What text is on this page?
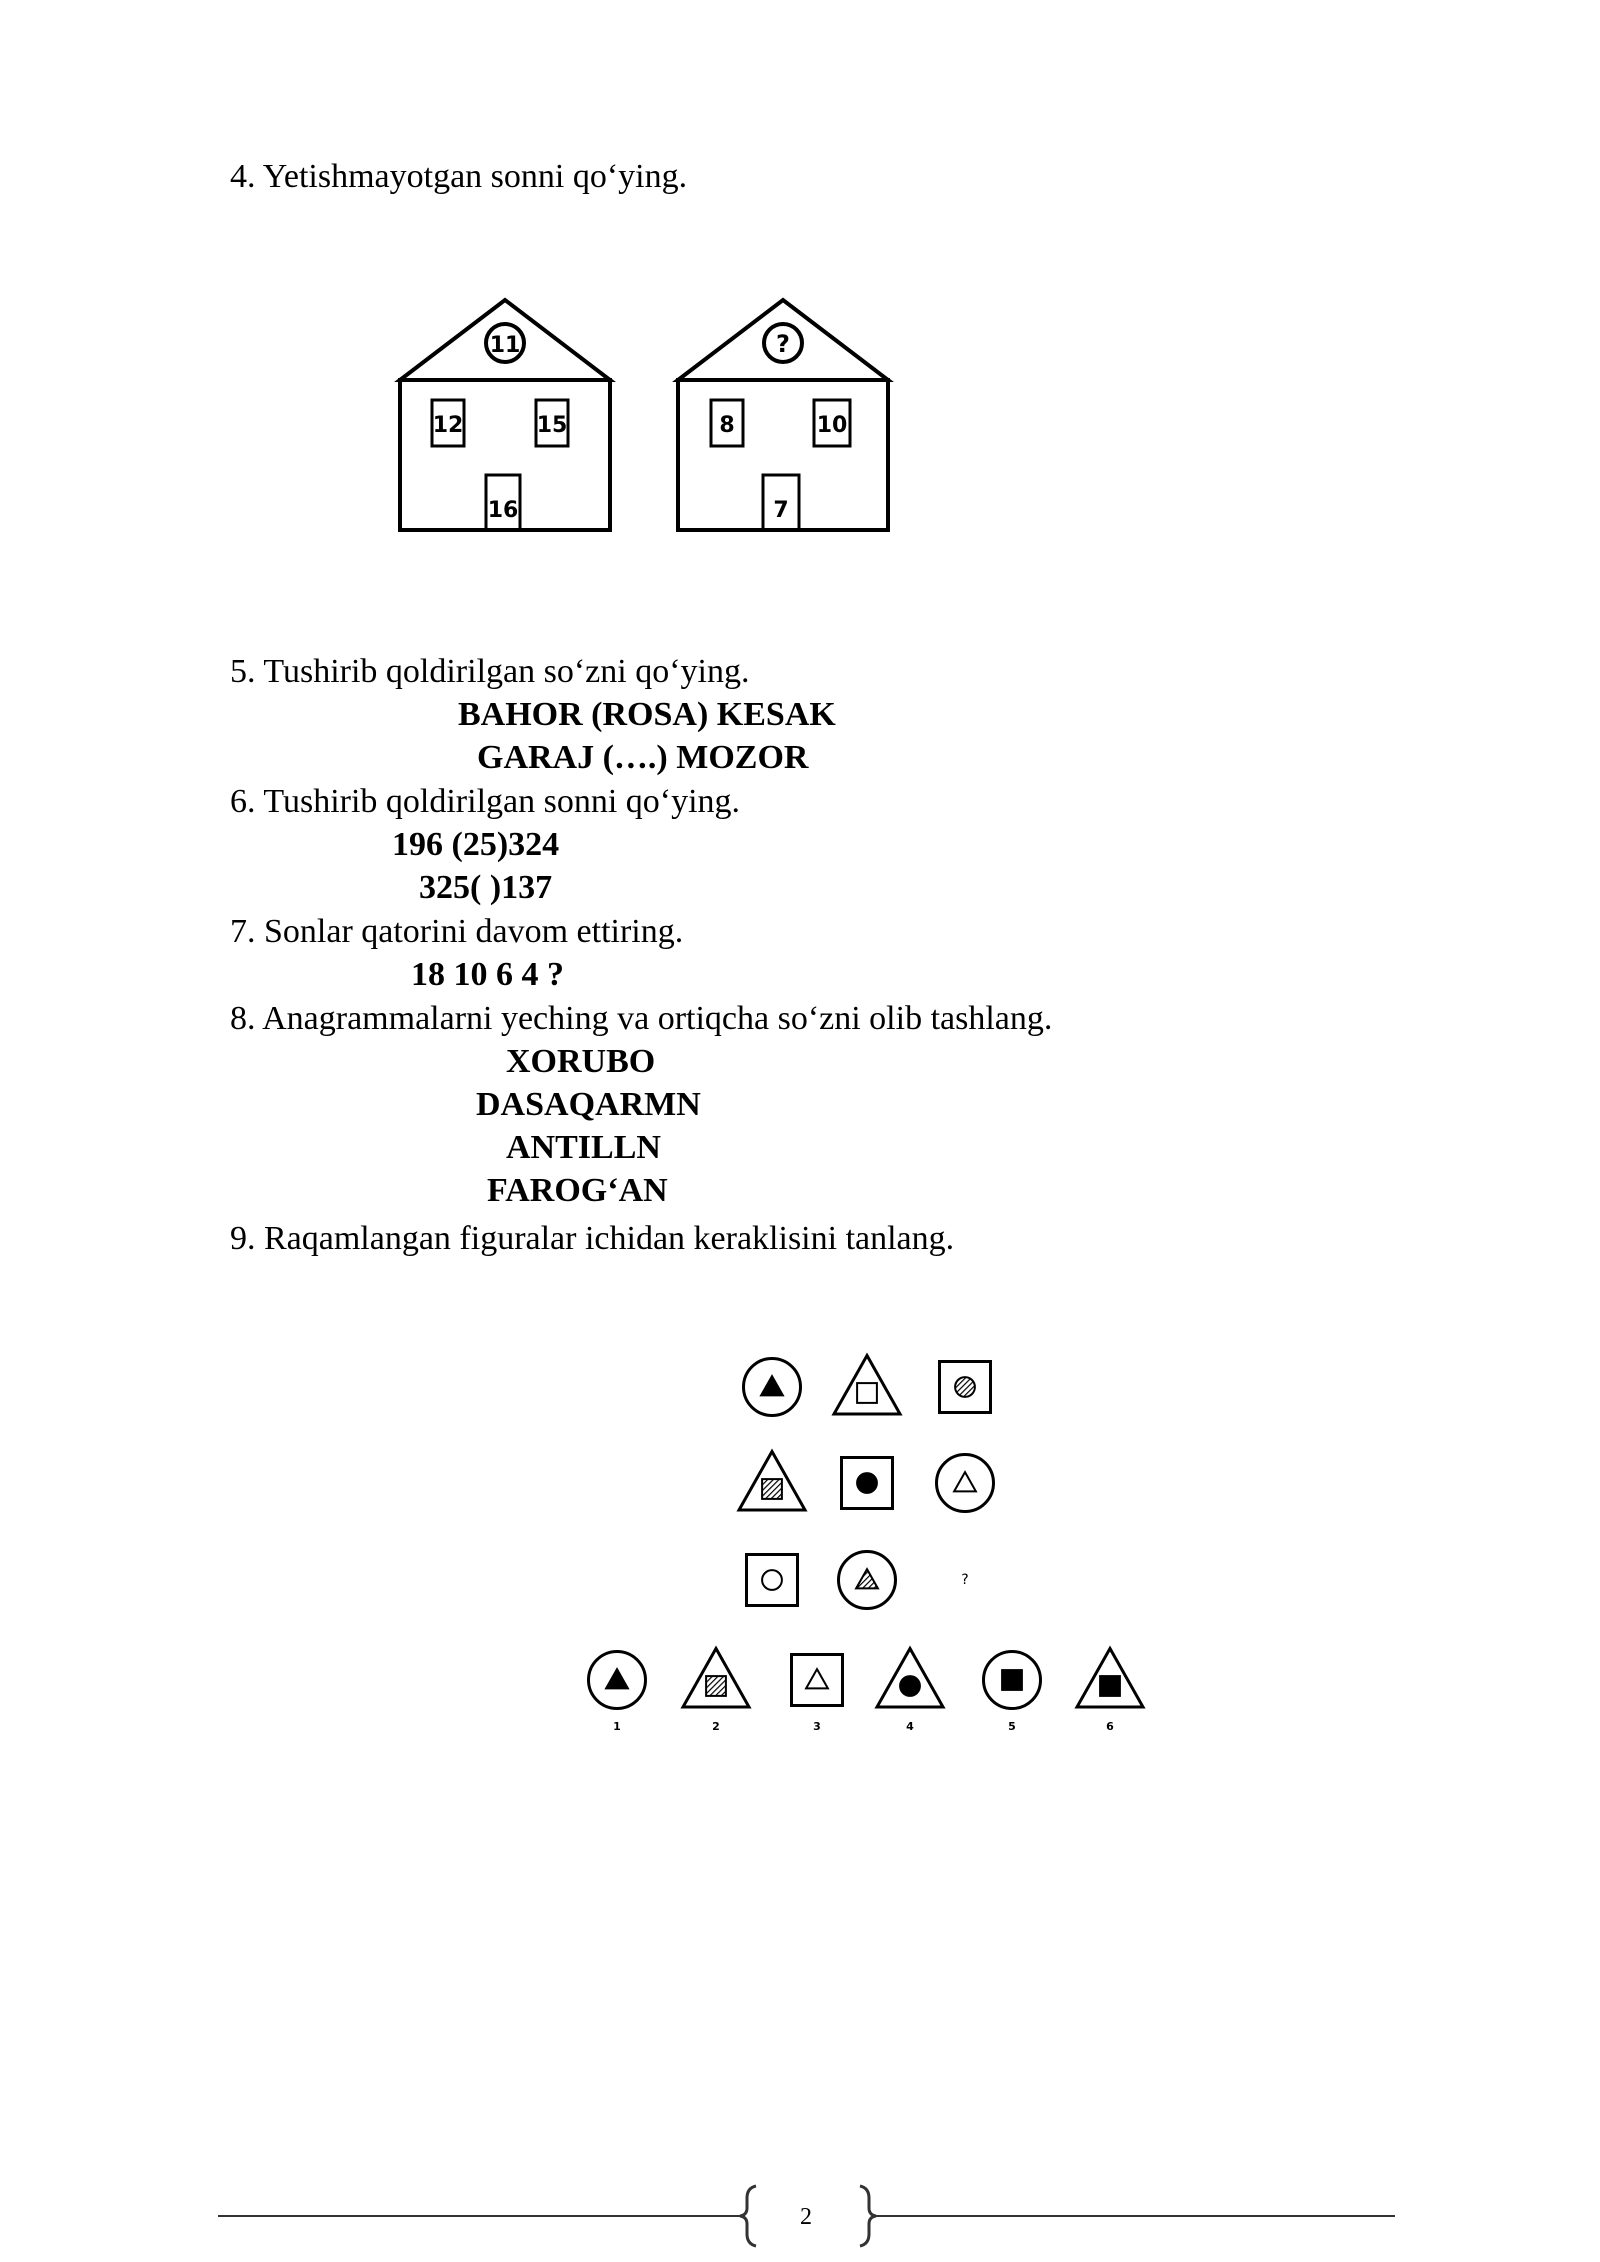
4. Yetishmayotgan sonni qo‘ying.
11
12	15
16
?
8	10
7
5. Tushirib qoldirilgan so‘zni qo‘ying.
BAHOR (ROSA) KESAK
GARAJ (….) MOZOR
6. Tushirib qoldirilgan sonni qo‘ying.
196 (25)324
325( )137
7. Sonlar qatorini davom ettiring.
18 10 6 4 ?
8. Anagrammalarni yeching va ortiqcha so‘zni olib tashlang.
XORUBO
DASAQARMN
ANTILLN
FAROG‘AN
9. Raqamlangan figuralar ichidan keraklisini tanlang.
?
1	2	3	4	5	6
2
